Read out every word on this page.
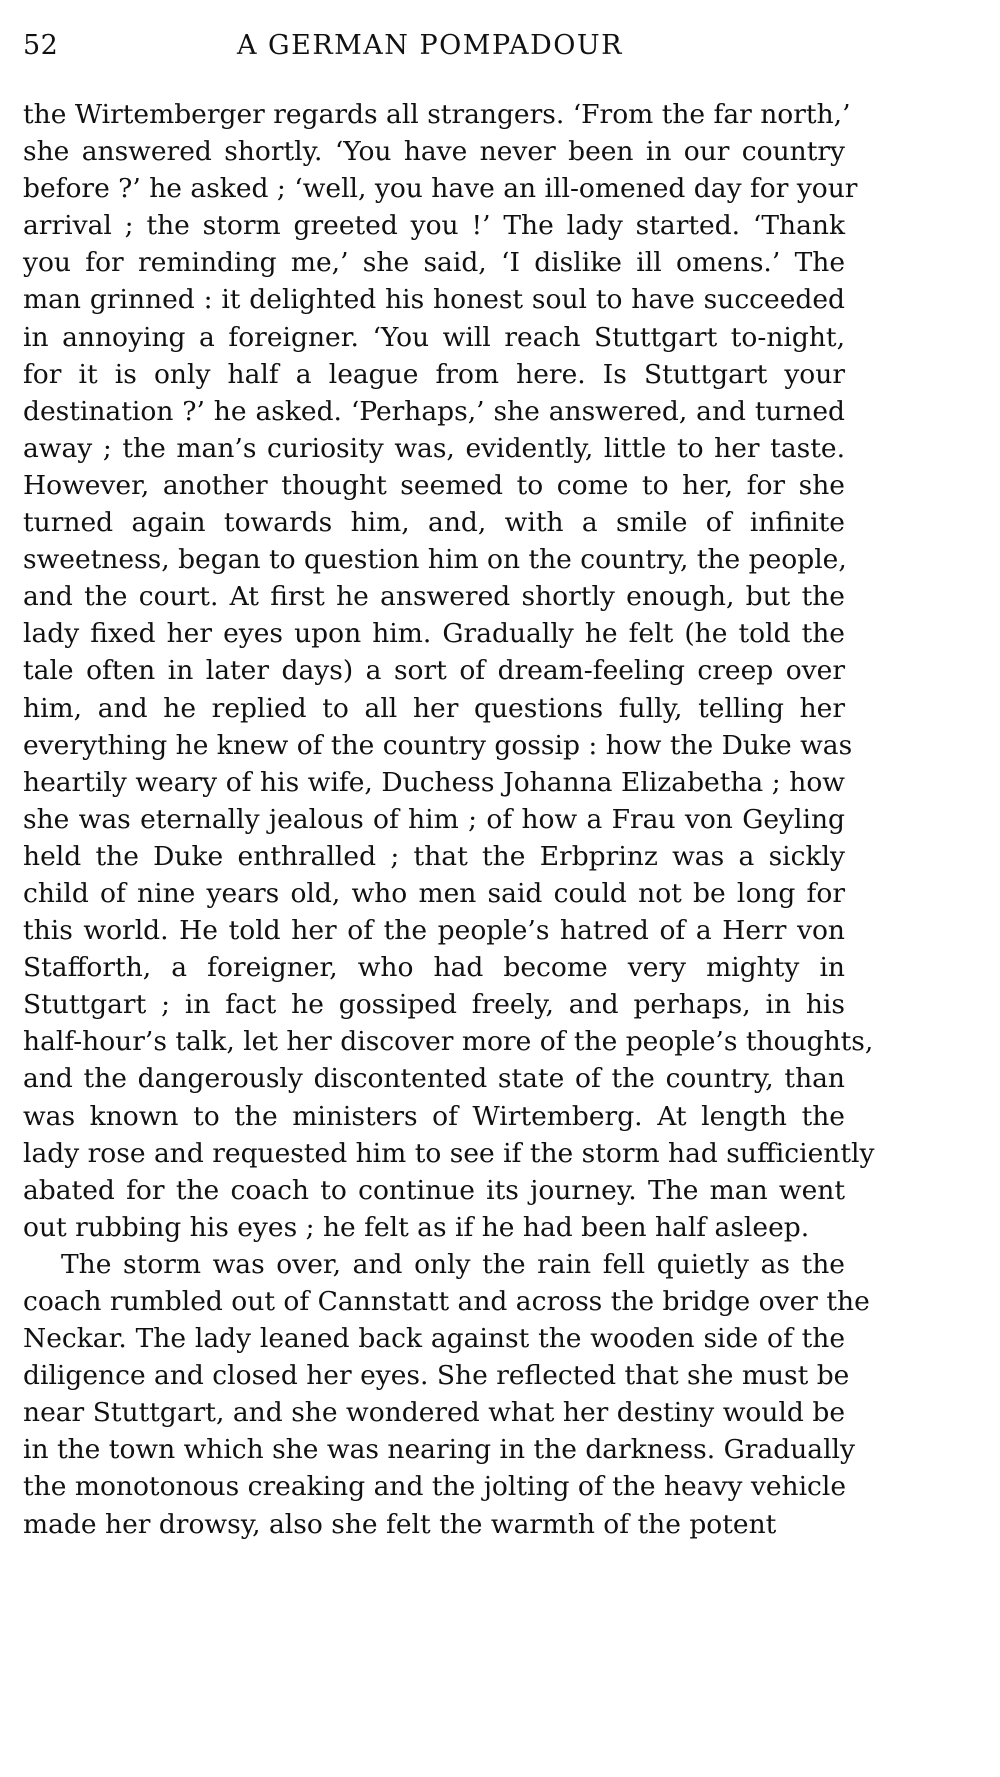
52	A GERMAN POMPADOUR

the Wirtemberger regards all strangers. ‘From the far north,’
she answered shortly. ‘You have never been in our country
before ?’ he asked ; ‘well, you have an ill-omened day for your
arrival ; the storm greeted you !’ The lady started. ‘Thank
you for reminding me,’ she said, ‘I dislike ill omens.’ The
man grinned : it delighted his honest soul to have succeeded
in annoying a foreigner. ‘You will reach Stuttgart to-night,
for it is only half a league from here. Is Stuttgart your
destination ?’ he asked. ‘Perhaps,’ she answered, and turned
away ; the man’s curiosity was, evidently, little to her taste.
However, another thought seemed to come to her, for she
turned again towards him, and, with a smile of infinite
sweetness, began to question him on the country, the people,
and the court. At first he answered shortly enough, but the
lady fixed her eyes upon him. Gradually he felt (he told the
tale often in later days) a sort of dream-feeling creep over
him, and he replied to all her questions fully, telling her
everything he knew of the country gossip : how the Duke was
heartily weary of his wife, Duchess Johanna Elizabetha ; how
she was eternally jealous of him ; of how a Frau von Geyling
held the Duke enthralled ; that the Erbprinz was a sickly
child of nine years old, who men said could not be long for
this world. He told her of the people’s hatred of a Herr von
Stafforth, a foreigner, who had become very mighty in
Stuttgart ; in fact he gossiped freely, and perhaps, in his
half-hour’s talk, let her discover more of the people’s thoughts,
and the dangerously discontented state of the country, than
was known to the ministers of Wirtemberg. At length the
lady rose and requested him to see if the storm had sufficiently
abated for the coach to continue its journey. The man went
out rubbing his eyes ; he felt as if he had been half asleep.

The storm was over, and only the rain fell quietly as the
coach rumbled out of Cannstatt and across the bridge over the
Neckar. The lady leaned back against the wooden side of the
diligence and closed her eyes. She reflected that she must be
near Stuttgart, and she wondered what her destiny would be
in the town which she was nearing in the darkness. Gradually
the monotonous creaking and the jolting of the heavy vehicle
made her drowsy, also she felt the warmth of the potent
